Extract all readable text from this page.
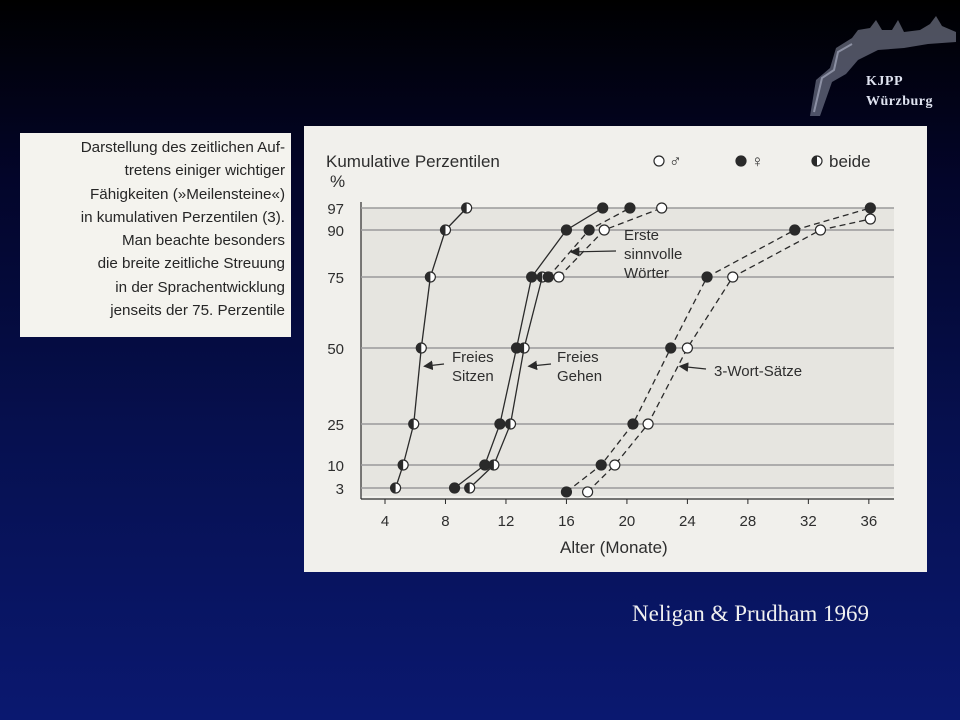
KJPP
Würzburg
Darstellung des zeitlichen Auf-
tretens einiger wichtiger
Fähigkeiten (»Meilensteine«)
in kumulativen Perzentilen (3).
Man beachte besonders
die breite zeitliche Streuung
in der Sprachentwicklung
jenseits der 75. Perzentile
Kumulative Perzentilen
%
Alter (Monate)
♂	♀	beide
3
10
25
50
75
90
97
4	8	12	16	20	24	28	32	36
Freies
Sitzen
Freies
Gehen
Erste
sinnvolle
Wörter
3-Wort-Sätze
Neligan & Prudham 1969
